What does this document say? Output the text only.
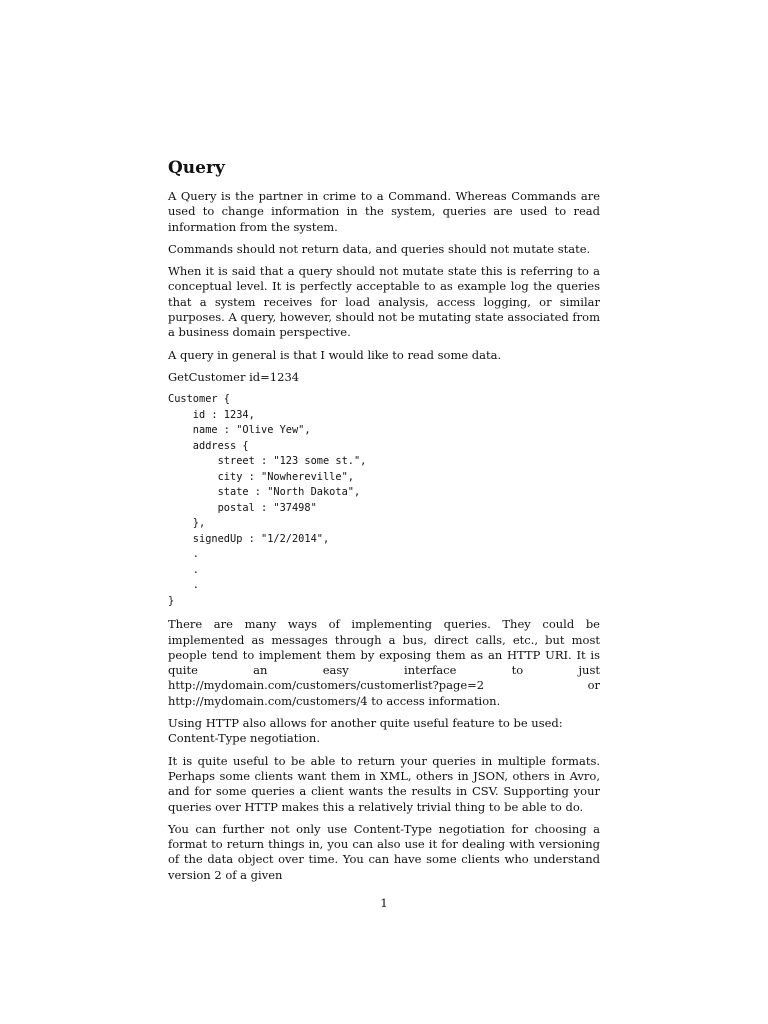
Query

A Query is the partner in crime to a Command. Whereas Commands are used to change information in the system, queries are used to read information from the system.

Commands should not return data, and queries should not mutate state.

When it is said that a query should not mutate state this is referring to a conceptual level. It is perfectly acceptable to as example log the queries that a system receives for load analysis, access logging, or similar purposes. A query, however, should not be mutating state associated from a business domain perspective.

A query in general is that I would like to read some data.

GetCustomer id=1234

Customer {
id : 1234,
name : "Olive Yew",
address {
street : "123 some st.",
city : "Nowhereville",
state : "North Dakota",
postal : "37498"
},
signedUp : "1/2/2014",
.
.
.
}

There are many ways of implementing queries. They could be implemented as messages through a bus, direct calls, etc., but most people tend to implement them by exposing them as an HTTP URI. It is quite an easy interface to just http://mydomain.com/customers/customerlist?page=2 or http://mydomain.com/customers/4 to access information.

Using HTTP also allows for another quite useful feature to be used: Content-Type negotiation.

It is quite useful to be able to return your queries in multiple formats. Perhaps some clients want them in XML, others in JSON, others in Avro, and for some queries a client wants the results in CSV. Supporting your queries over HTTP makes this a relatively trivial thing to be able to do.

You can further not only use Content-Type negotiation for choosing a format to return things in, you can also use it for dealing with versioning of the data object over time. You can have some clients who understand version 2 of a given

1
